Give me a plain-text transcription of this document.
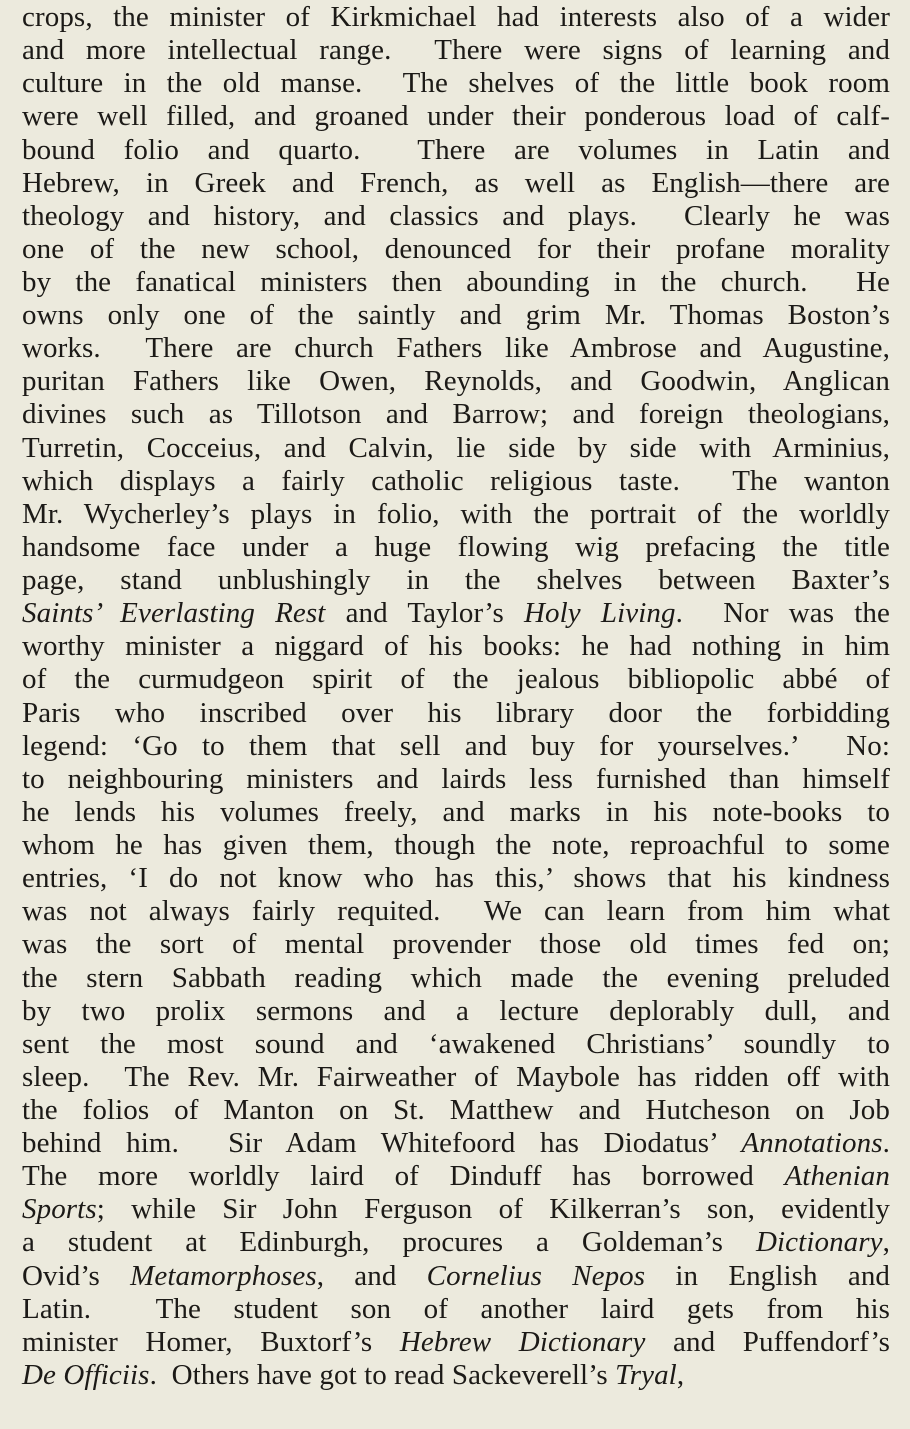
crops, the minister of Kirkmichael had interests also of a wider
and more intellectual range.  There were signs of learning and
culture in the old manse.  The shelves of the little book room
were well filled, and groaned under their ponderous load of calf-
bound folio and quarto.  There are volumes in Latin and
Hebrew, in Greek and French, as well as English—there are
theology and history, and classics and plays.  Clearly he was
one of the new school, denounced for their profane morality
by the fanatical ministers then abounding in the church.  He
owns only one of the saintly and grim Mr. Thomas Boston’s
works.  There are church Fathers like Ambrose and Augustine,
puritan Fathers like Owen, Reynolds, and Goodwin, Anglican
divines such as Tillotson and Barrow; and foreign theologians,
Turretin, Cocceius, and Calvin, lie side by side with Arminius,
which displays a fairly catholic religious taste.  The wanton
Mr. Wycherley’s plays in folio, with the portrait of the worldly
handsome face under a huge flowing wig prefacing the title
page, stand unblushingly in the shelves between Baxter’s
Saints’ Everlasting Rest and Taylor’s Holy Living.  Nor was the
worthy minister a niggard of his books: he had nothing in him
of the curmudgeon spirit of the jealous bibliopolic abbé of
Paris who inscribed over his library door the forbidding
legend: ‘Go to them that sell and buy for yourselves.’  No:
to neighbouring ministers and lairds less furnished than himself
he lends his volumes freely, and marks in his note-books to
whom he has given them, though the note, reproachful to some
entries, ‘I do not know who has this,’ shows that his kindness
was not always fairly requited.  We can learn from him what
was the sort of mental provender those old times fed on;
the stern Sabbath reading which made the evening preluded
by two prolix sermons and a lecture deplorably dull, and
sent the most sound and ‘awakened Christians’ soundly to
sleep.  The Rev. Mr. Fairweather of Maybole has ridden off with
the folios of Manton on St. Matthew and Hutcheson on Job
behind him.  Sir Adam Whitefoord has Diodatus’ Annotations.
The more worldly laird of Dinduff has borrowed Athenian
Sports; while Sir John Ferguson of Kilkerran’s son, evidently
a student at Edinburgh, procures a Goldeman’s Dictionary,
Ovid’s Metamorphoses, and Cornelius Nepos in English and
Latin.  The student son of another laird gets from his
minister Homer, Buxtorf’s Hebrew Dictionary and Puffendorf’s
De Officiis.  Others have got to read Sackeverell’s Tryal,
